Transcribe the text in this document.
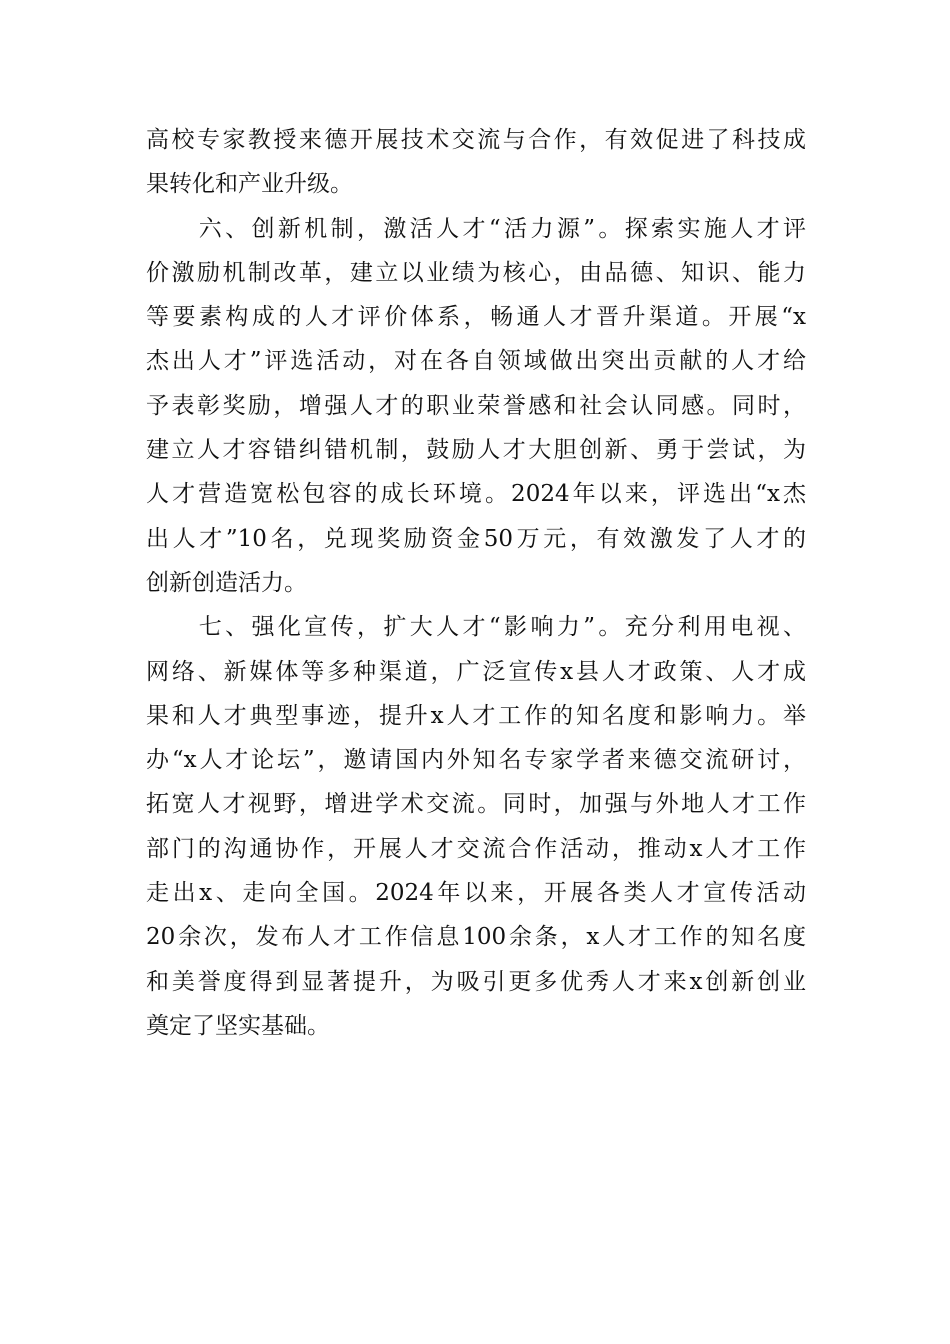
高校专家教授来德开展技术交流与合作，有效促进了科技成
果转化和产业升级。
　　六、创新机制，激活人才“活力源”。探索实施人才评
价激励机制改革，建立以业绩为核心，由品德、知识、能力
等要素构成的人才评价体系，畅通人才晋升渠道。开展“x
杰出人才”评选活动，对在各自领域做出突出贡献的人才给
予表彰奖励，增强人才的职业荣誉感和社会认同感。同时，
建立人才容错纠错机制，鼓励人才大胆创新、勇于尝试，为
人才营造宽松包容的成长环境。2024年以来，评选出“x杰
出人才”10名，兑现奖励资金50万元，有效激发了人才的
创新创造活力。
　　七、强化宣传，扩大人才“影响力”。充分利用电视、
网络、新媒体等多种渠道，广泛宣传x县人才政策、人才成
果和人才典型事迹，提升x人才工作的知名度和影响力。举
办“x人才论坛”，邀请国内外知名专家学者来德交流研讨，
拓宽人才视野，增进学术交流。同时，加强与外地人才工作
部门的沟通协作，开展人才交流合作活动，推动x人才工作
走出x、走向全国。2024年以来，开展各类人才宣传活动
20余次，发布人才工作信息100余条，x人才工作的知名度
和美誉度得到显著提升，为吸引更多优秀人才来x创新创业
奠定了坚实基础。
